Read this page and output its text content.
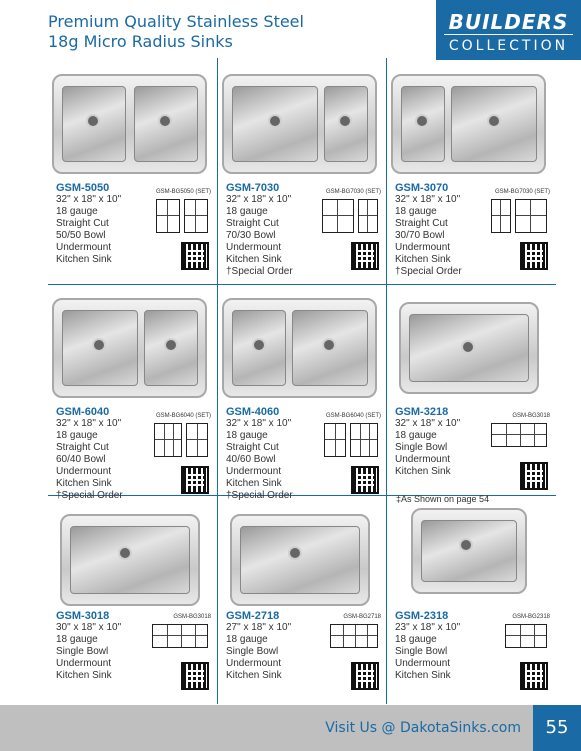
Premium Quality Stainless Steel
18g Micro Radius Sinks
BUILDERS
COLLECTION
GSM-5050
32" x 18" x 10"
18 gauge
Straight Cut
50/50 Bowl
Undermount
Kitchen Sink
GSM-BG5050 (SET) GSM-7030
32" x 18" x 10"
18 gauge
Straight Cut
70/30 Bowl
Undermount
Kitchen Sink
†Special Order
GSM-BG7030 (SET) GSM-3070
32" x 18" x 10"
18 gauge
Straight Cut
30/70 Bowl
Undermount
Kitchen Sink
†Special Order
GSM-BG7030 (SET)
GSM-6040
32" x 18" x 10"
18 gauge
Straight Cut
60/40 Bowl
Undermount
Kitchen Sink
†Special Order
GSM-BG6040 (SET) GSM-4060
32" x 18" x 10"
18 gauge
Straight Cut
40/60 Bowl
Undermount
Kitchen Sink
†Special Order
GSM-BG6040 (SET) GSM-3218
32" x 18" x 10"
18 gauge
Single Bowl
Undermount
Kitchen Sink
GSM-BG3018
GSM-3018
30" x 18" x 10"
18 gauge
Single Bowl
Undermount
Kitchen Sink
GSM-BG3018 GSM-2718
27" x 18" x 10"
18 gauge
Single Bowl
Undermount
Kitchen Sink
GSM-BG2718 GSM-2318
23" x 18" x 10"
18 gauge
Single Bowl
Undermount
Kitchen Sink
GSM-BG2318
‡As Shown on page 54
Visit Us @ DakotaSinks.com	55
